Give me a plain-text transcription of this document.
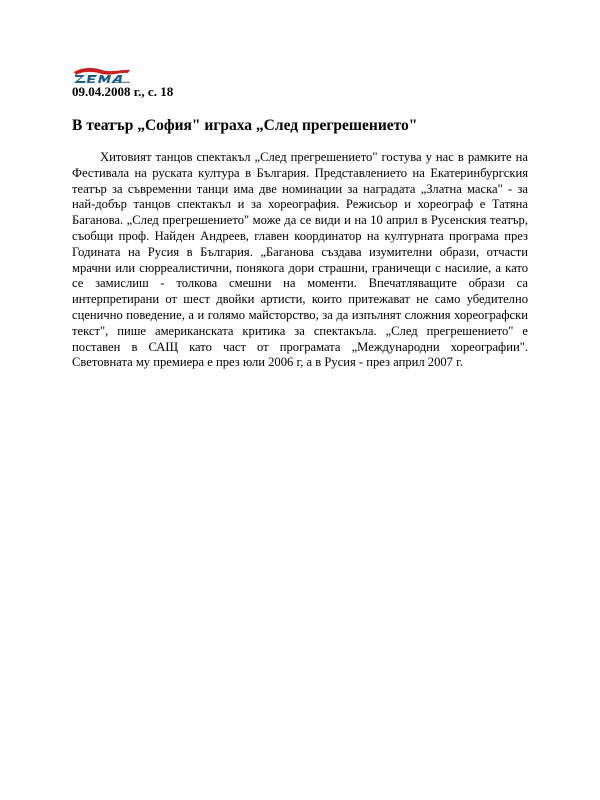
09.04.2008 г., с. 18
В театър „София" играха „След прегрешението"

Хитовият танцов спектакъл „След прегрешението" гостува у нас в рамките на Фестивала на руската култура в България. Представлението на Екатеринбургския театър за съвременни танци има две номинации за наградата „Златна маска" - за най-добър танцов спектакъл и за хореография. Режисьор и хореограф е Татяна Баганова. „След прегрешението" може да се види и на 10 април в Русенския театър, съобщи проф. Найден Андреев, главен координатор на културната програма през Годината на Русия в България. „Баганова създава изумителни образи, отчасти мрачни или сюрреалистични, понякога дори страшни, граничещи с насилие, а като се замислиш - толкова смешни на моменти. Впечатляващите образи са интерпретирани от шест двойки артисти, които притежават не само убедително сценично поведение, а и голямо майсторство, за да изпълнят сложния хореографски текст", пише американската критика за спектакъла. „След прегрешението" е поставен в САЩ като част от програмата „Международни хореографии". Световната му премиера е през юли 2006 г, а в Русия - през април 2007 г.
